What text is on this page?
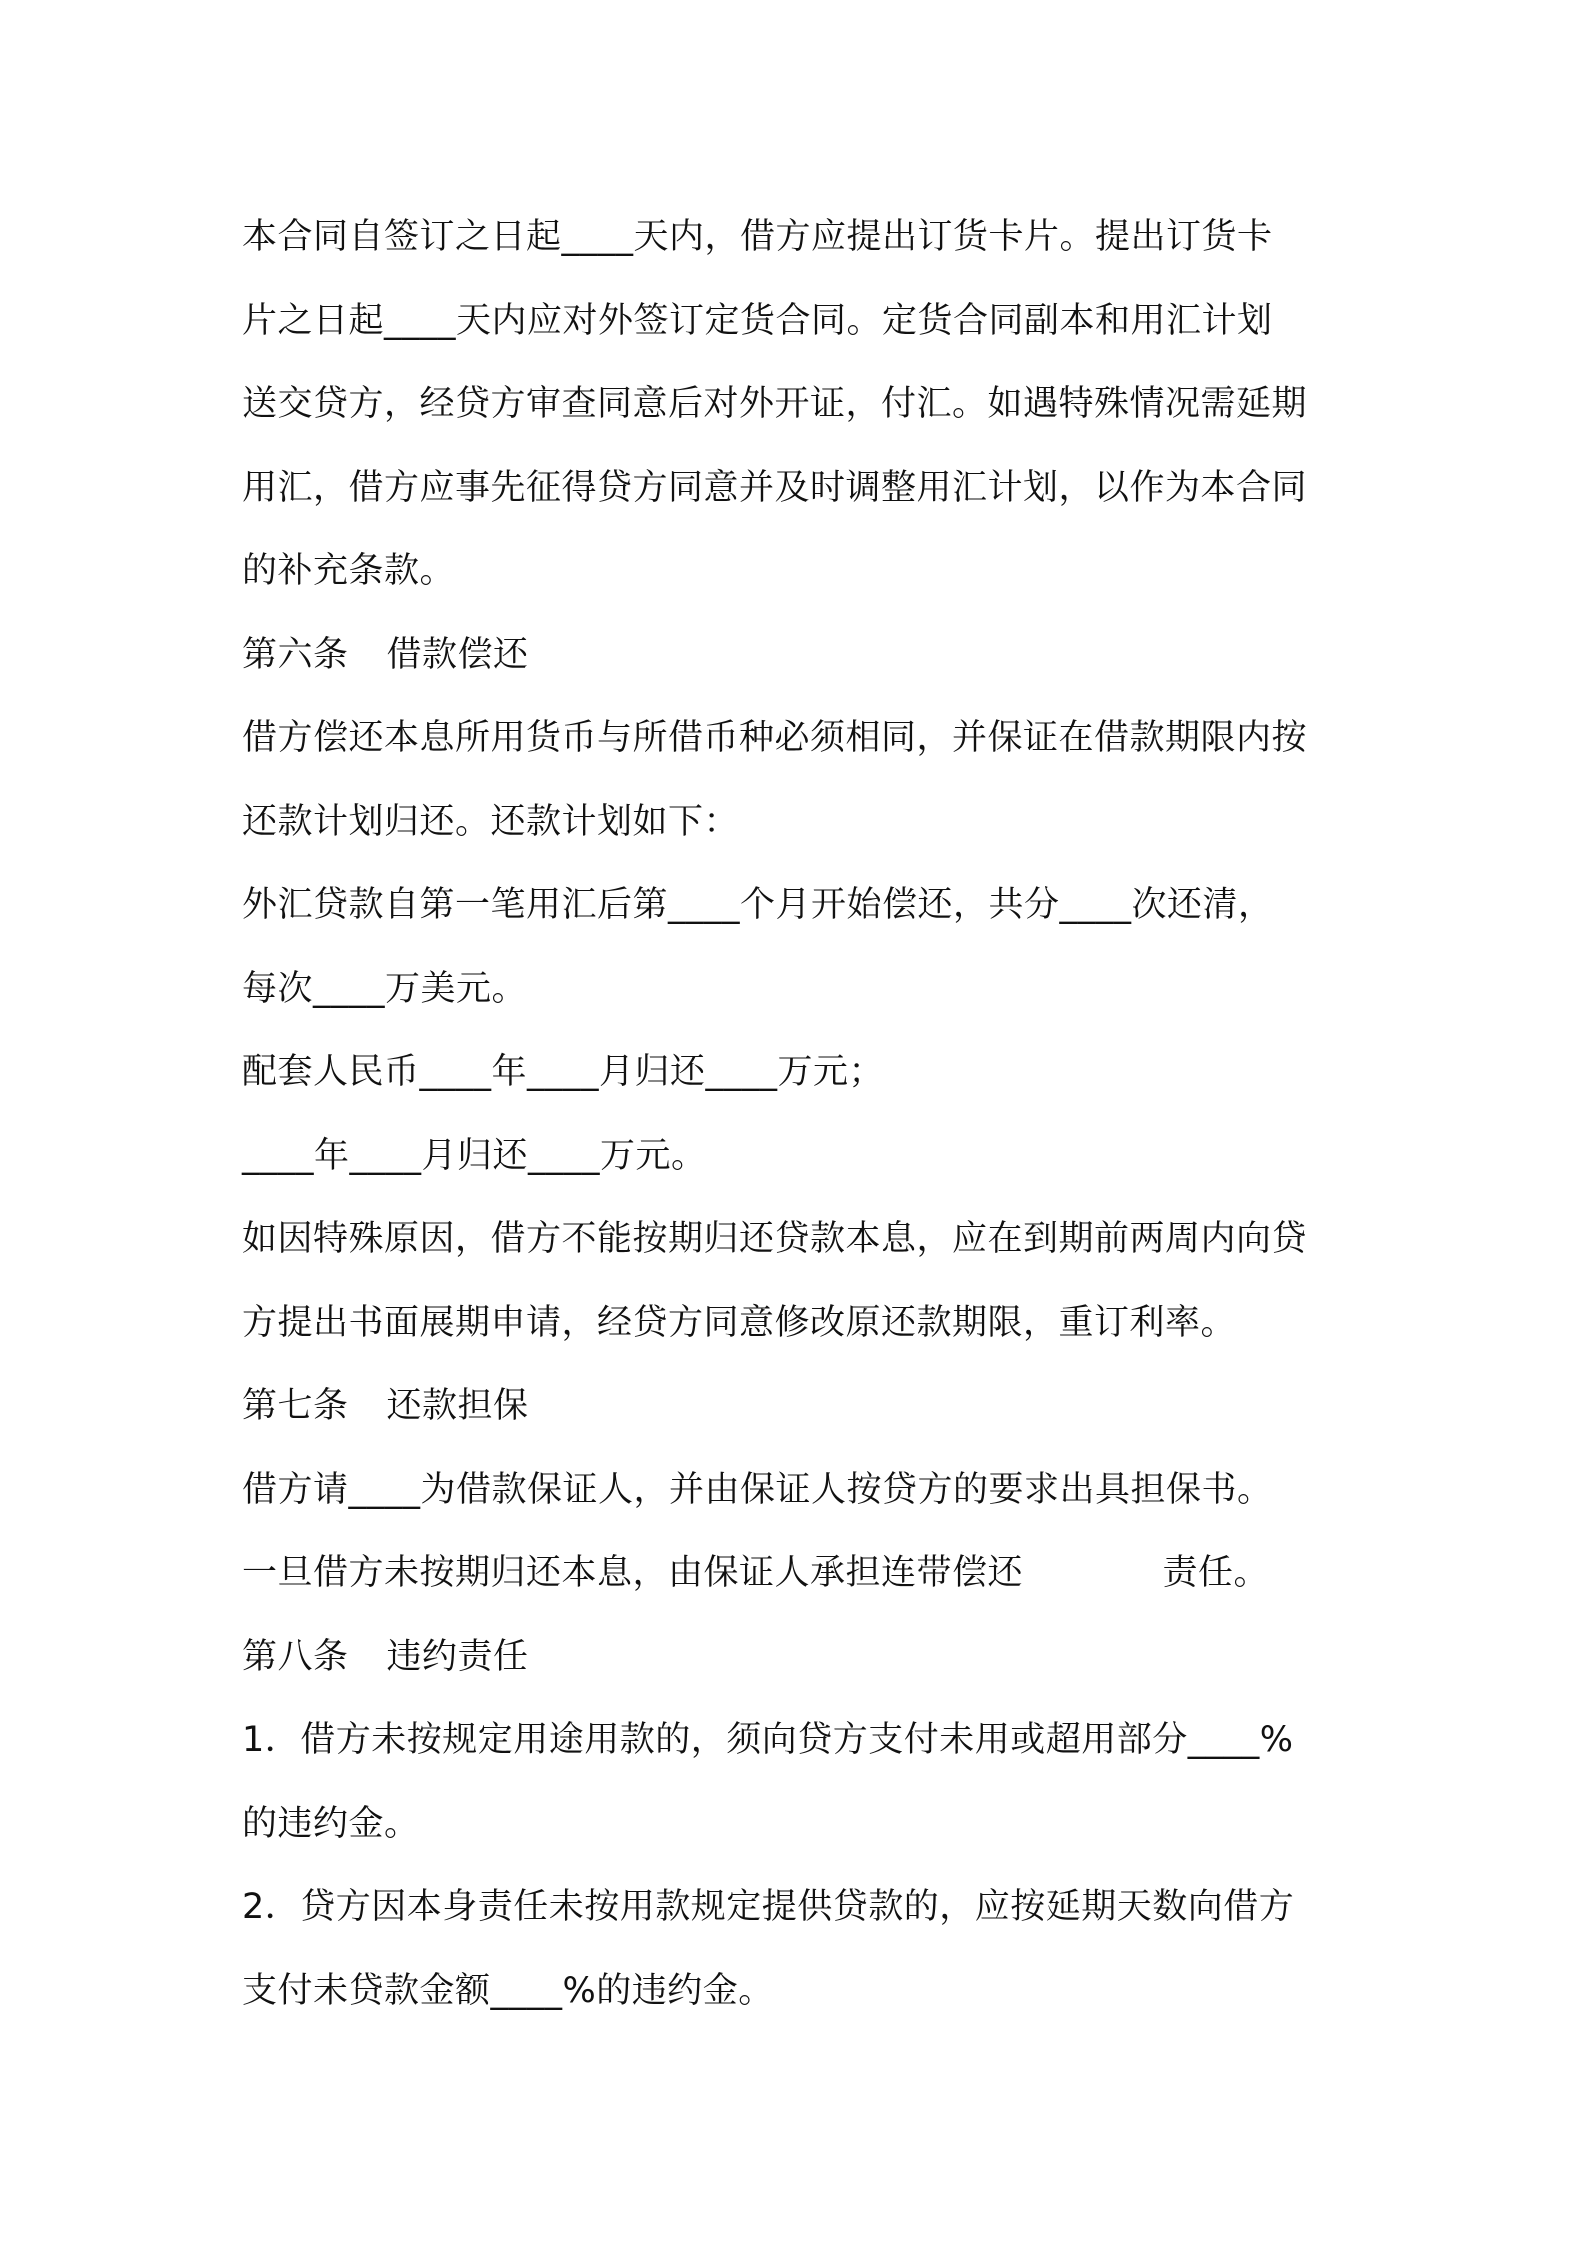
本合同自签订之日起____天内，借方应提出订货卡片。提出订货卡
片之日起____天内应对外签订定货合同。定货合同副本和用汇计划
送交贷方，经贷方审查同意后对外开证，付汇。如遇特殊情况需延期
用汇，借方应事先征得贷方同意并及时调整用汇计划，以作为本合同
的补充条款。
第六条 借款偿还
借方偿还本息所用货币与所借币种必须相同，并保证在借款期限内按
还款计划归还。还款计划如下：
外汇贷款自第一笔用汇后第____个月开始偿还，共分____次还清，
每次____万美元。
配套人民币____年____月归还____万元；
____年____月归还____万元。
如因特殊原因，借方不能按期归还贷款本息，应在到期前两周内向贷
方提出书面展期申请，经贷方同意修改原还款期限，重订利率。
第七条 还款担保
借方请____为借款保证人，并由保证人按贷方的要求出具担保书。
一旦借方未按期归还本息，由保证人承担连带偿还            责任。
第八条 违约责任
1．借方未按规定用途用款的，须向贷方支付未用或超用部分____%
的违约金。
2．贷方因本身责任未按用款规定提供贷款的，应按延期天数向借方
支付未贷款金额____%的违约金。
